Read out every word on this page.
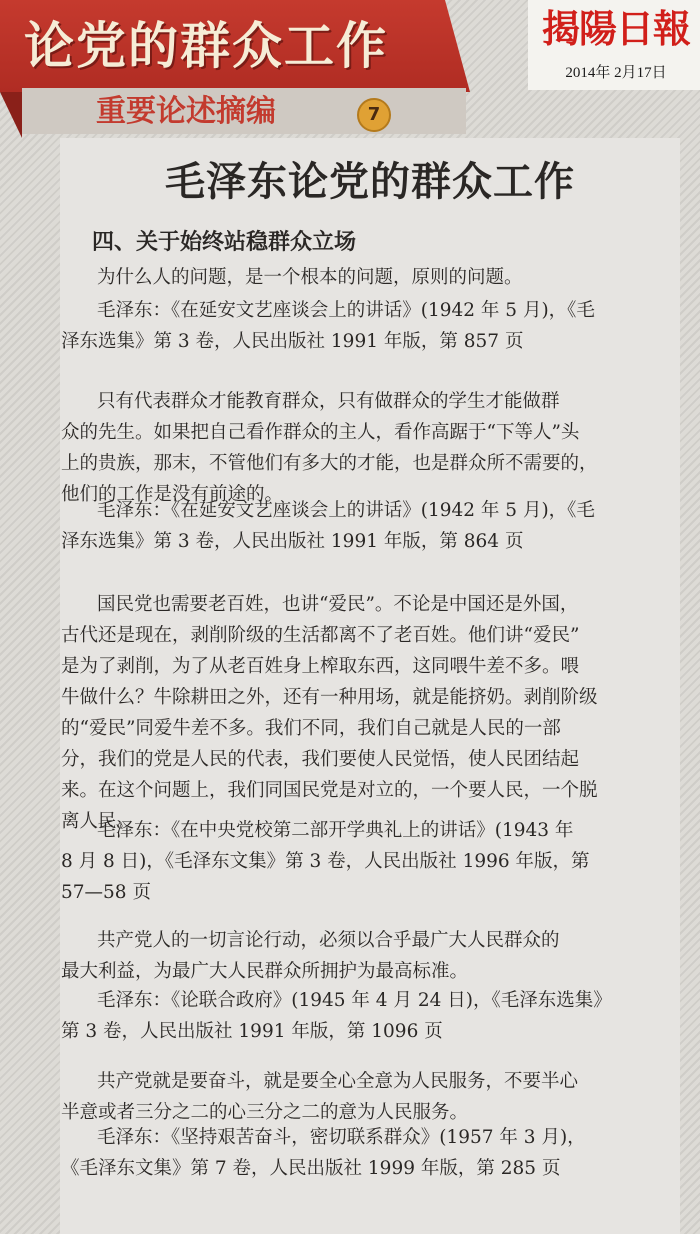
论党的群众工作
重要论述摘编	7
揭陽日報
2014年 2月17日
毛泽东论党的群众工作
四、关于始终站稳群众立场
为什么人的问题，是一个根本的问题，原则的问题。
毛泽东：《在延安文艺座谈会上的讲话》(1942 年 5 月)，《毛
泽东选集》第 3 卷，人民出版社 1991 年版，第 857 页
只有代表群众才能教育群众，只有做群众的学生才能做群
众的先生。如果把自己看作群众的主人，看作高踞于“下等人”头
上的贵族，那末，不管他们有多大的才能，也是群众所不需要的，
他们的工作是没有前途的。
毛泽东：《在延安文艺座谈会上的讲话》(1942 年 5 月)，《毛
泽东选集》第 3 卷，人民出版社 1991 年版，第 864 页
国民党也需要老百姓，也讲“爱民”。不论是中国还是外国，
古代还是现在，剥削阶级的生活都离不了老百姓。他们讲“爱民”
是为了剥削，为了从老百姓身上榨取东西，这同喂牛差不多。喂
牛做什么？牛除耕田之外，还有一种用场，就是能挤奶。剥削阶级
的“爱民”同爱牛差不多。我们不同，我们自己就是人民的一部
分，我们的党是人民的代表，我们要使人民觉悟，使人民团结起
来。在这个问题上，我们同国民党是对立的，一个要人民，一个脱
离人民。
毛泽东：《在中央党校第二部开学典礼上的讲话》(1943 年
8 月 8 日)，《毛泽东文集》第 3 卷，人民出版社 1996 年版，第
57—58 页
共产党人的一切言论行动，必须以合乎最广大人民群众的
最大利益，为最广大人民群众所拥护为最高标准。
毛泽东：《论联合政府》(1945 年 4 月 24 日)，《毛泽东选集》
第 3 卷，人民出版社 1991 年版，第 1096 页
共产党就是要奋斗，就是要全心全意为人民服务，不要半心
半意或者三分之二的心三分之二的意为人民服务。
毛泽东：《坚持艰苦奋斗，密切联系群众》(1957 年 3 月)，
《毛泽东文集》第 7 卷，人民出版社 1999 年版，第 285 页
